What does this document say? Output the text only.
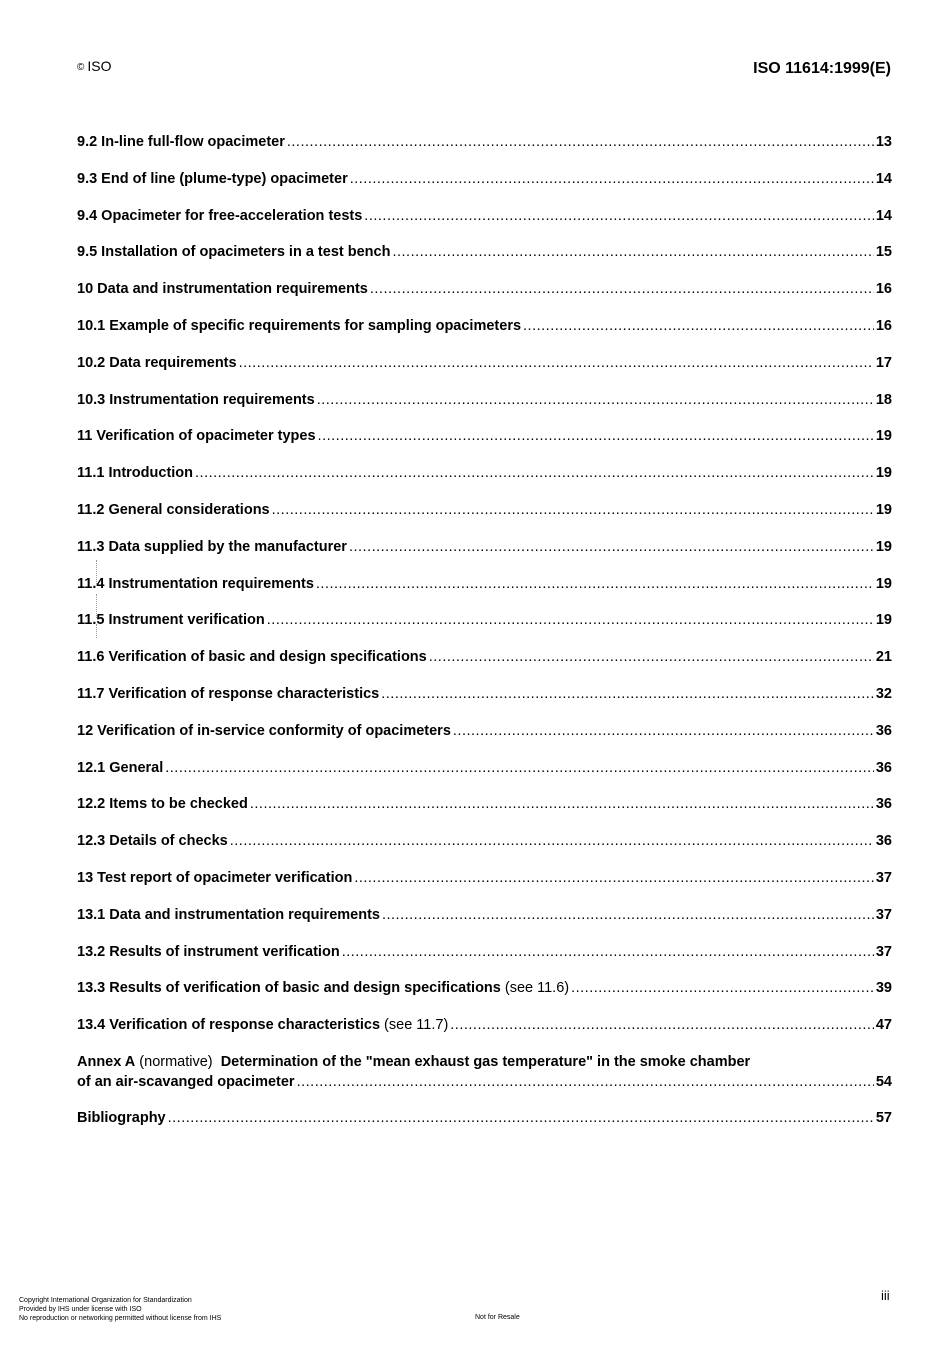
© ISO	ISO 11614:1999(E)
9.2 In-line full-flow opacimeter .....	13
9.3 End of line (plume-type) opacimeter .....	14
9.4 Opacimeter for free-acceleration tests .....	14
9.5 Installation of opacimeters in a test bench .....	15
10 Data and instrumentation requirements .....	16
10.1 Example of specific requirements for sampling opacimeters .....	16
10.2 Data requirements .....	17
10.3 Instrumentation requirements .....	18
11 Verification of opacimeter types .....	19
11.1 Introduction .....	19
11.2 General considerations .....	19
11.3 Data supplied by the manufacturer .....	19
11.4 Instrumentation requirements .....	19
11.5 Instrument verification .....	19
11.6 Verification of basic and design specifications .....	21
11.7 Verification of response characteristics .....	32
12 Verification of in-service conformity of opacimeters .....	36
12.1 General .....	36
12.2 Items to be checked .....	36
12.3 Details of checks .....	36
13 Test report of opacimeter verification .....	37
13.1 Data and instrumentation requirements .....	37
13.2 Results of instrument verification .....	37
13.3 Results of verification of basic and design specifications (see 11.6) .....	39
13.4 Verification of response characteristics (see 11.7) .....	47
Annex A (normative)  Determination of the "mean exhaust gas temperature" in the smoke chamber
of an air-scavanged opacimeter .....	54
Bibliography .....	57
iii
Copyright International Organization for Standardization
Provided by IHS under license with ISO
No reproduction or networking permitted without license from IHS	Not for Resale
